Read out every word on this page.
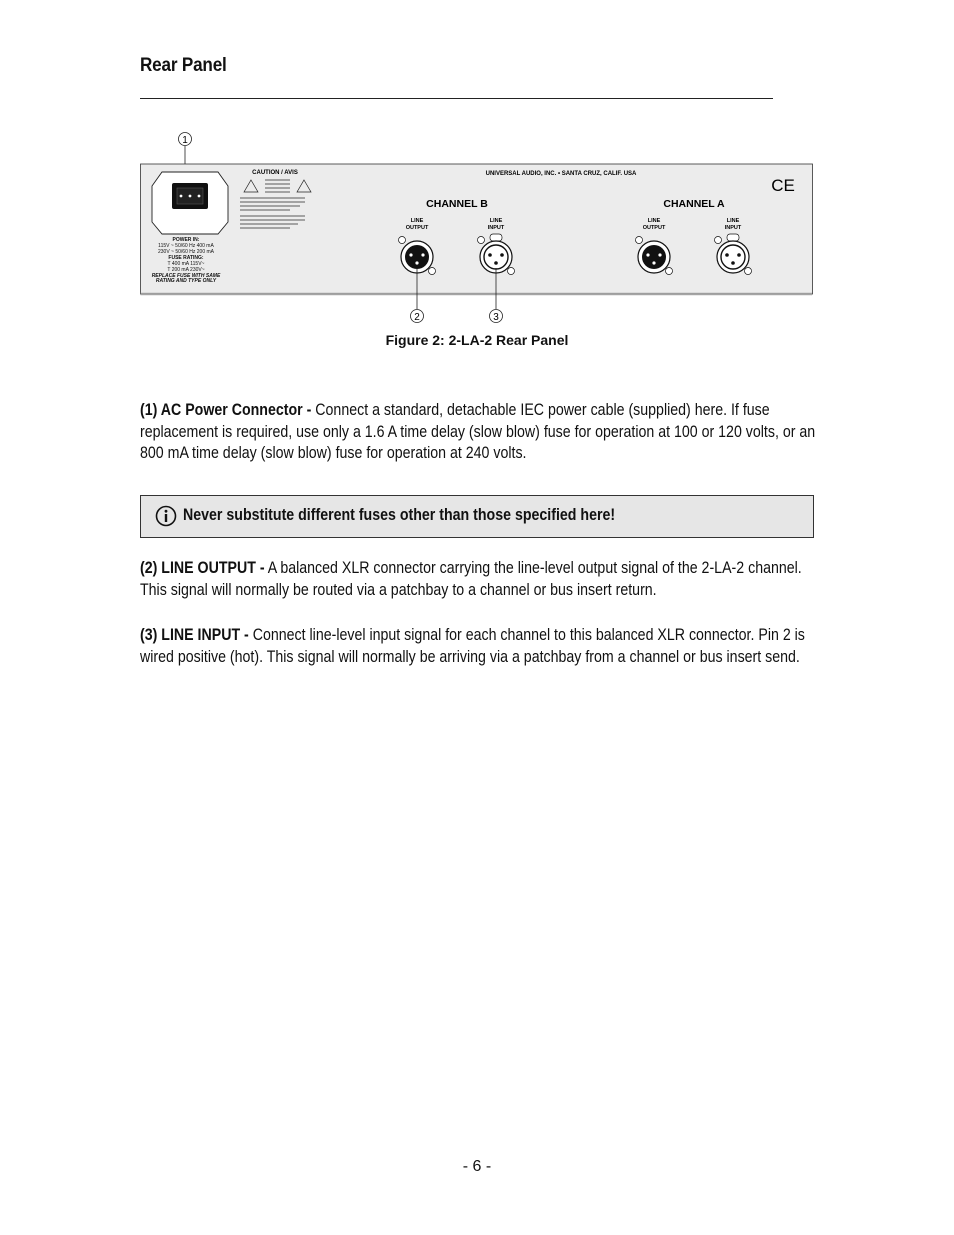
Rear Panel
1
POWER IN:
115V ~ 50/60 Hz 400 mA
230V ~ 50/60 Hz 200 mA
FUSE RATING:
T 400 mA 115V~
T 200 mA 230V~
REPLACE FUSE WITH SAME
RATING AND TYPE ONLY
CAUTION / AVIS	UNIVERSAL AUDIO, INC. • SANTA CRUZ, CALIF. USA
CE
CHANNEL B	CHANNEL A
LINE
OUTPUT
LINE
INPUT
LINE
OUTPUT
LINE
INPUT
2	3
Figure 2: 2-LA-2 Rear Panel
(1) AC Power Connector - Connect a standard, detachable IEC power cable (supplied) here. If fuse replacement is required, use only a 1.6 A time delay (slow blow) fuse for operation at 100 or 120 volts, or an 800 mA time delay (slow blow) fuse for operation at 240 volts.
Never substitute different fuses other than those specified here!
(2) LINE OUTPUT - A balanced XLR connector carrying the line-level output signal of the 2-LA-2 channel. This signal will normally be routed via a patchbay to a channel or bus insert return.
(3) LINE INPUT - Connect line-level input signal for each channel to this balanced XLR connector. Pin 2 is wired positive (hot). This signal will normally be arriving via a patchbay from a channel or bus insert send.
- 6 -
